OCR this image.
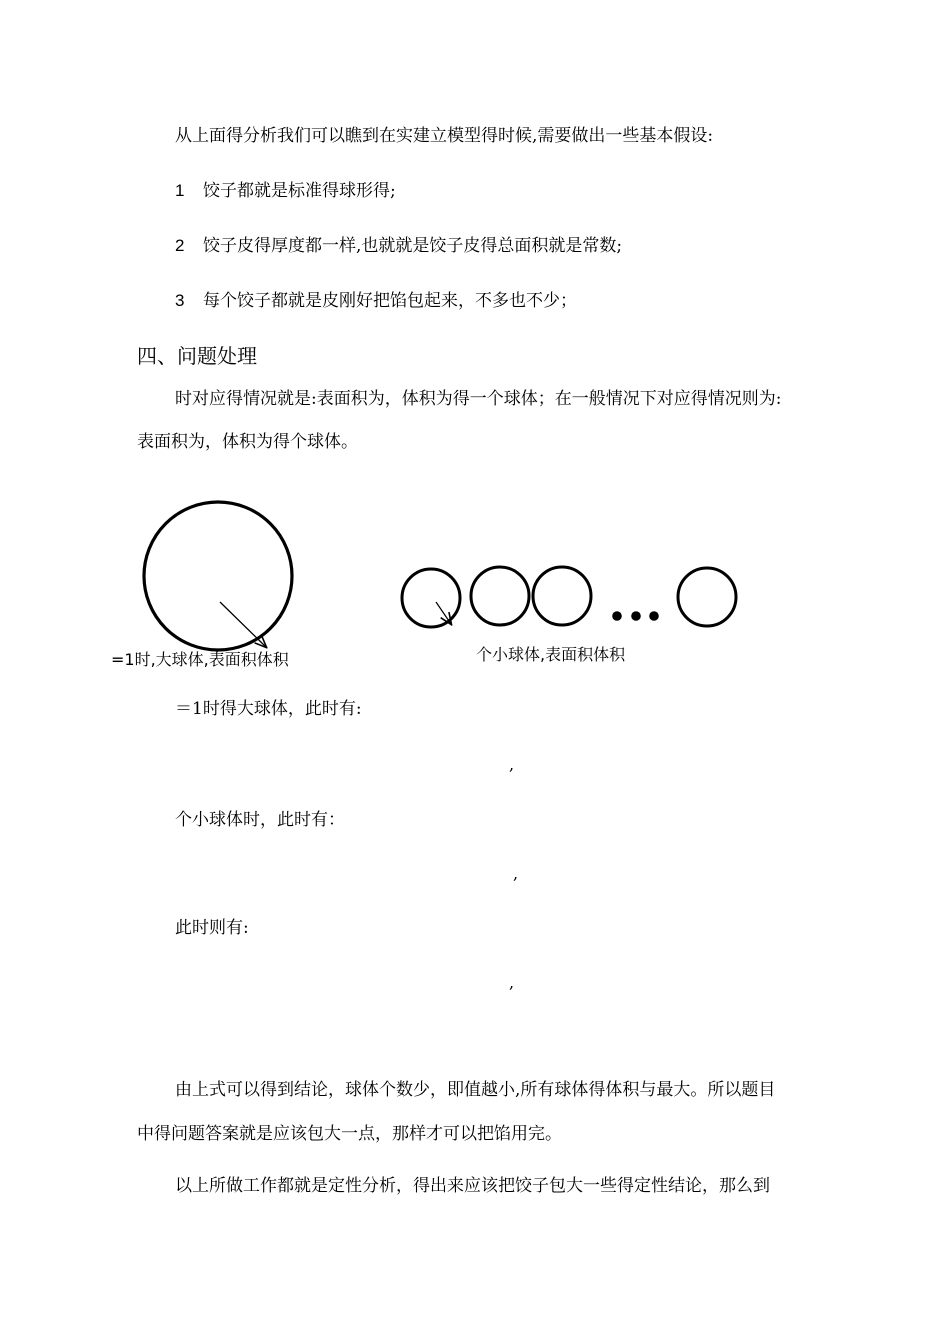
从上面得分析我们可以瞧到在实建立模型得时候,需要做出一些基本假设:

1 饺子都就是标准得球形得;

2 饺子皮得厚度都一样,也就就是饺子皮得总面积就是常数;

3 每个饺子都就是皮刚好把馅包起来，不多也不少；

四、问题处理

时对应得情况就是:表面积为，体积为得一个球体；在一般情况下对应得情况则为:

表面积为，体积为得个球体。

=1时,大球体,表面积体积	个小球体,表面积体积

＝1时得大球体，此时有:

,

个小球体时，此时有：

,

此时则有:

,

由上式可以得到结论，球体个数少，即值越小,所有球体得体积与最大。所以题目

中得问题答案就是应该包大一点，那样才可以把馅用完。

以上所做工作都就是定性分析，得出来应该把饺子包大一些得定性结论，那么到
